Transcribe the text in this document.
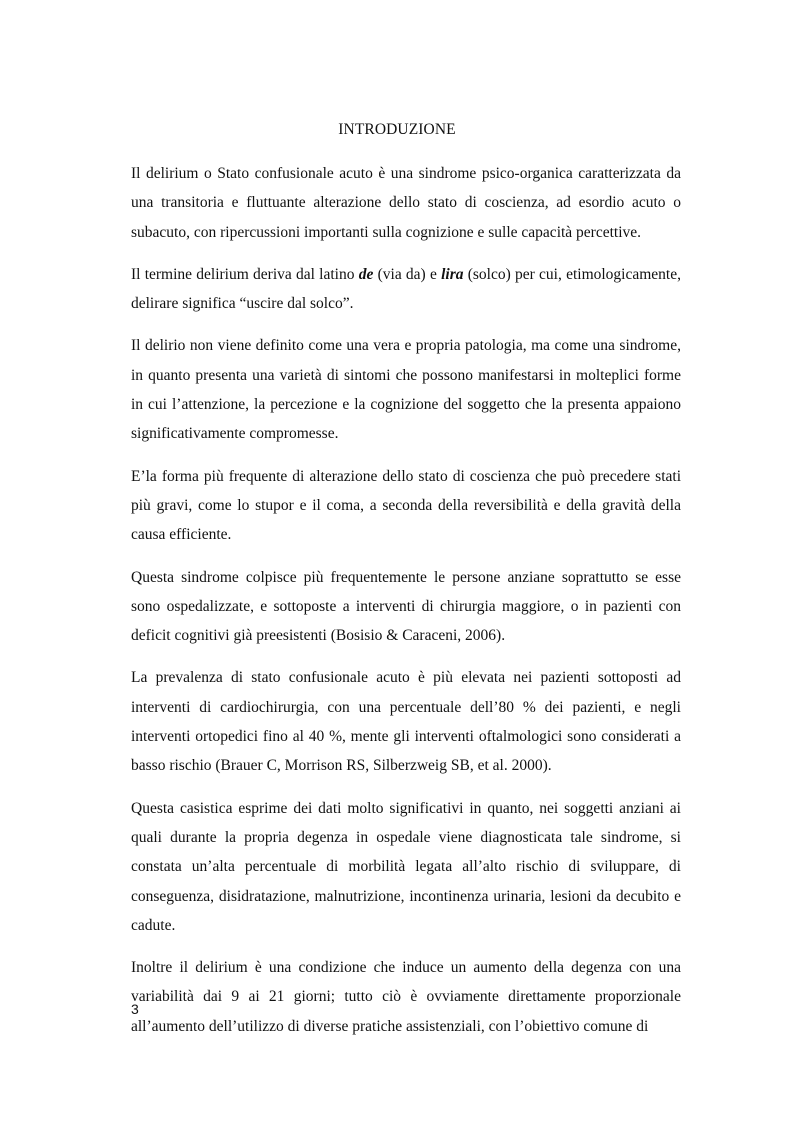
INTRODUZIONE

Il delirium o Stato confusionale acuto è una sindrome psico-organica caratterizzata da una transitoria e fluttuante alterazione dello stato di coscienza, ad esordio acuto o subacuto, con ripercussioni importanti sulla cognizione e sulle capacità percettive.

Il termine delirium deriva dal latino de (via da) e lira (solco) per cui, etimologicamente, delirare significa “uscire dal solco”.

Il delirio non viene definito come una vera e propria patologia, ma come una sindrome, in quanto presenta una varietà di sintomi che possono manifestarsi in molteplici forme in cui l’attenzione, la percezione e la cognizione del soggetto che la presenta appaiono significativamente compromesse.

E’la forma più frequente di alterazione dello stato di coscienza che può precedere stati più gravi, come lo stupor e il coma, a seconda della reversibilità e della gravità della causa efficiente.

Questa sindrome colpisce più frequentemente le persone anziane soprattutto se esse sono ospedalizzate, e sottoposte a interventi di chirurgia maggiore, o in pazienti con deficit cognitivi già preesistenti (Bosisio & Caraceni, 2006).

La prevalenza di stato confusionale acuto è più elevata nei pazienti sottoposti ad interventi di cardiochirurgia, con una percentuale dell’80 % dei pazienti, e negli interventi ortopedici fino al 40 %, mente gli interventi oftalmologici sono considerati a basso rischio (Brauer C, Morrison RS, Silberzweig SB, et al. 2000).

Questa casistica esprime dei dati molto significativi in quanto, nei soggetti anziani ai quali durante la propria degenza in ospedale viene diagnosticata tale sindrome, si constata un’alta percentuale di morbilità legata all’alto rischio di sviluppare, di conseguenza, disidratazione, malnutrizione, incontinenza urinaria, lesioni da decubito e cadute.

Inoltre il delirium è una condizione che induce un aumento della degenza con una variabilità dai 9 ai 21 giorni; tutto ciò è ovviamente direttamente proporzionale all’aumento dell’utilizzo di diverse pratiche assistenziali, con l’obiettivo comune di

3
